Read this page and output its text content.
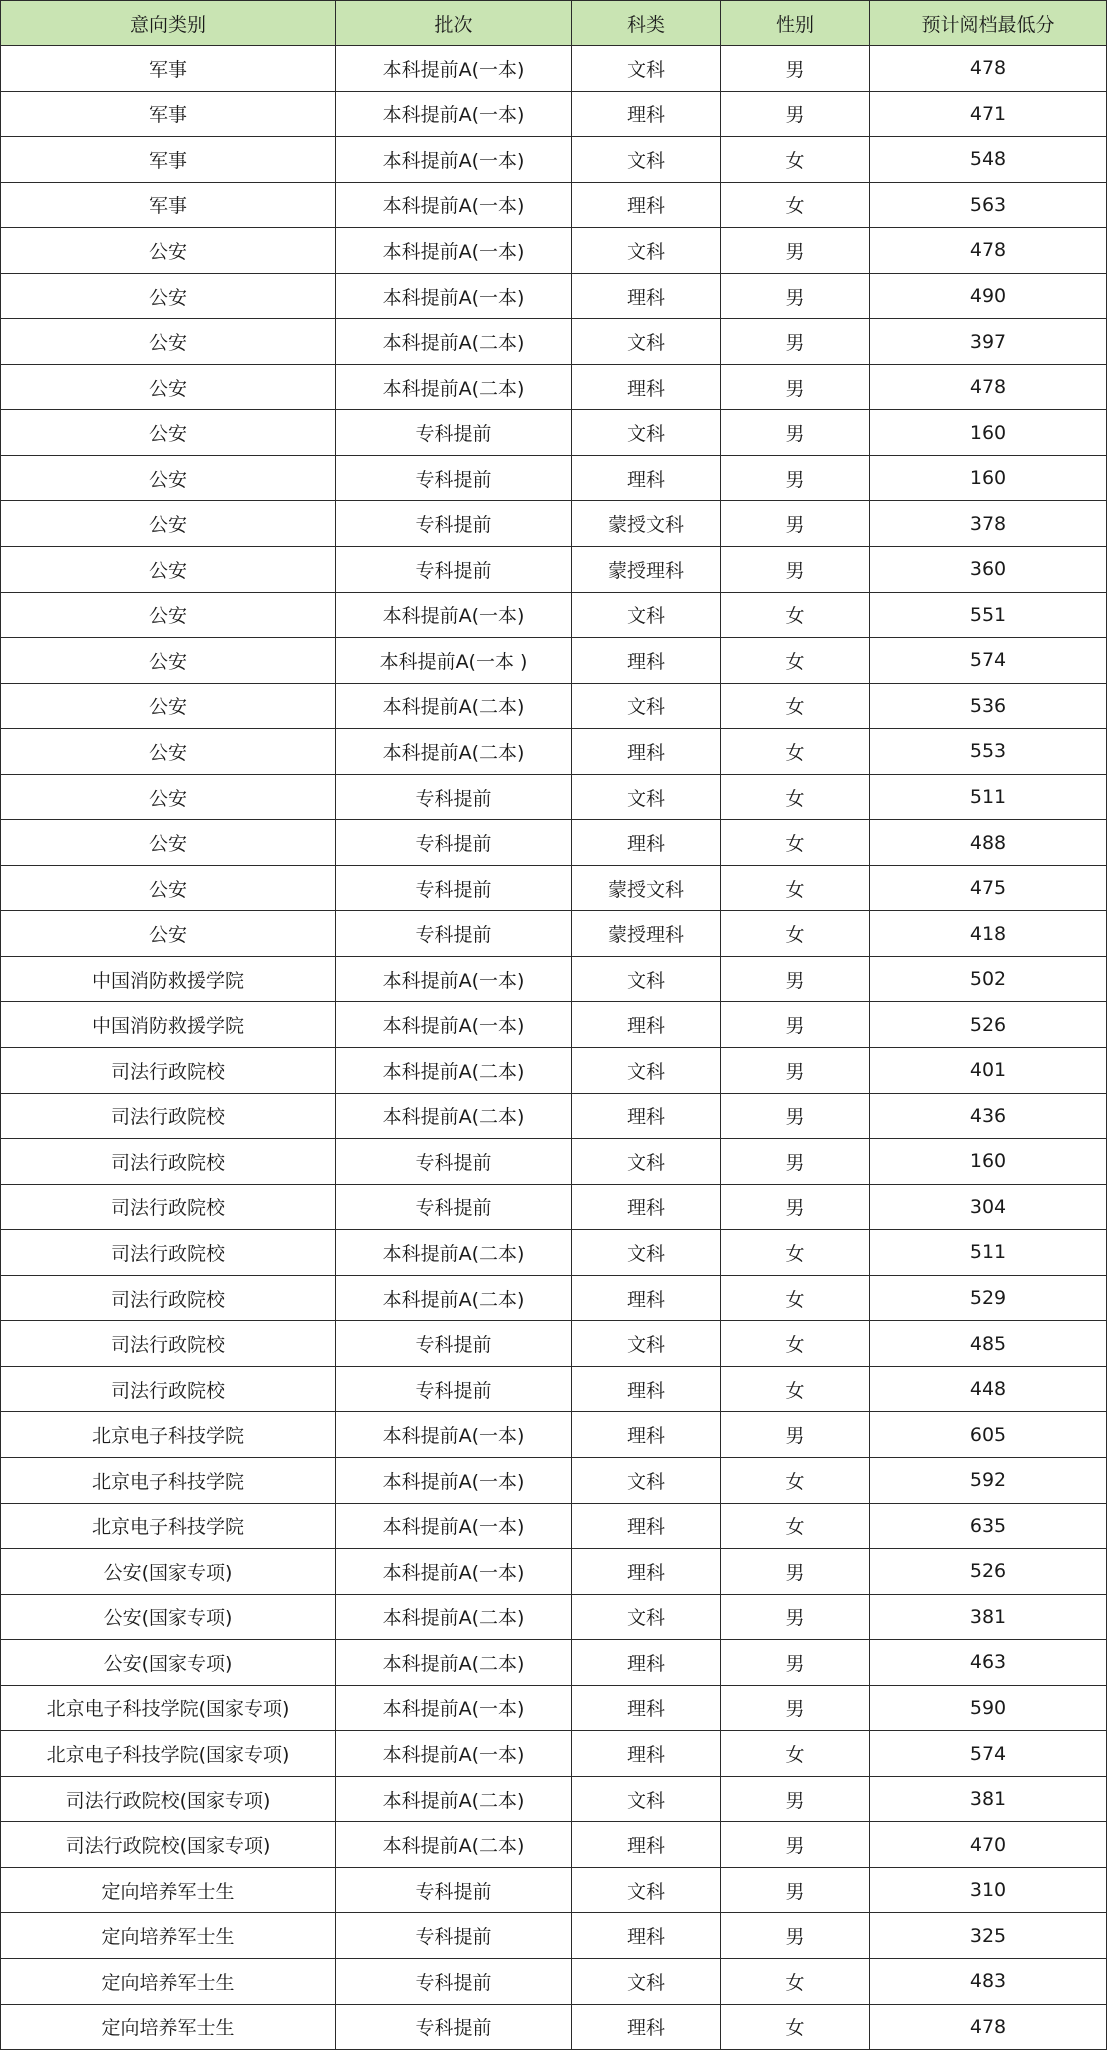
意向类别	批次	科类	性别	预计阅档最低分
军事	本科提前A(一本)	文科	男	478
军事	本科提前A(一本)	理科	男	471
军事	本科提前A(一本)	文科	女	548
军事	本科提前A(一本)	理科	女	563
公安	本科提前A(一本)	文科	男	478
公安	本科提前A(一本)	理科	男	490
公安	本科提前A(二本)	文科	男	397
公安	本科提前A(二本)	理科	男	478
公安	专科提前	文科	男	160
公安	专科提前	理科	男	160
公安	专科提前	蒙授文科	男	378
公安	专科提前	蒙授理科	男	360
公安	本科提前A(一本)	文科	女	551
公安	本科提前A(一本 )	理科	女	574
公安	本科提前A(二本)	文科	女	536
公安	本科提前A(二本)	理科	女	553
公安	专科提前	文科	女	511
公安	专科提前	理科	女	488
公安	专科提前	蒙授文科	女	475
公安	专科提前	蒙授理科	女	418
中国消防救援学院	本科提前A(一本)	文科	男	502
中国消防救援学院	本科提前A(一本)	理科	男	526
司法行政院校	本科提前A(二本)	文科	男	401
司法行政院校	本科提前A(二本)	理科	男	436
司法行政院校	专科提前	文科	男	160
司法行政院校	专科提前	理科	男	304
司法行政院校	本科提前A(二本)	文科	女	511
司法行政院校	本科提前A(二本)	理科	女	529
司法行政院校	专科提前	文科	女	485
司法行政院校	专科提前	理科	女	448
北京电子科技学院	本科提前A(一本)	理科	男	605
北京电子科技学院	本科提前A(一本)	文科	女	592
北京电子科技学院	本科提前A(一本)	理科	女	635
公安(国家专项)	本科提前A(一本)	理科	男	526
公安(国家专项)	本科提前A(二本)	文科	男	381
公安(国家专项)	本科提前A(二本)	理科	男	463
北京电子科技学院(国家专项)	本科提前A(一本)	理科	男	590
北京电子科技学院(国家专项)	本科提前A(一本)	理科	女	574
司法行政院校(国家专项)	本科提前A(二本)	文科	男	381
司法行政院校(国家专项)	本科提前A(二本)	理科	男	470
定向培养军士生	专科提前	文科	男	310
定向培养军士生	专科提前	理科	男	325
定向培养军士生	专科提前	文科	女	483
定向培养军士生	专科提前	理科	女	478
